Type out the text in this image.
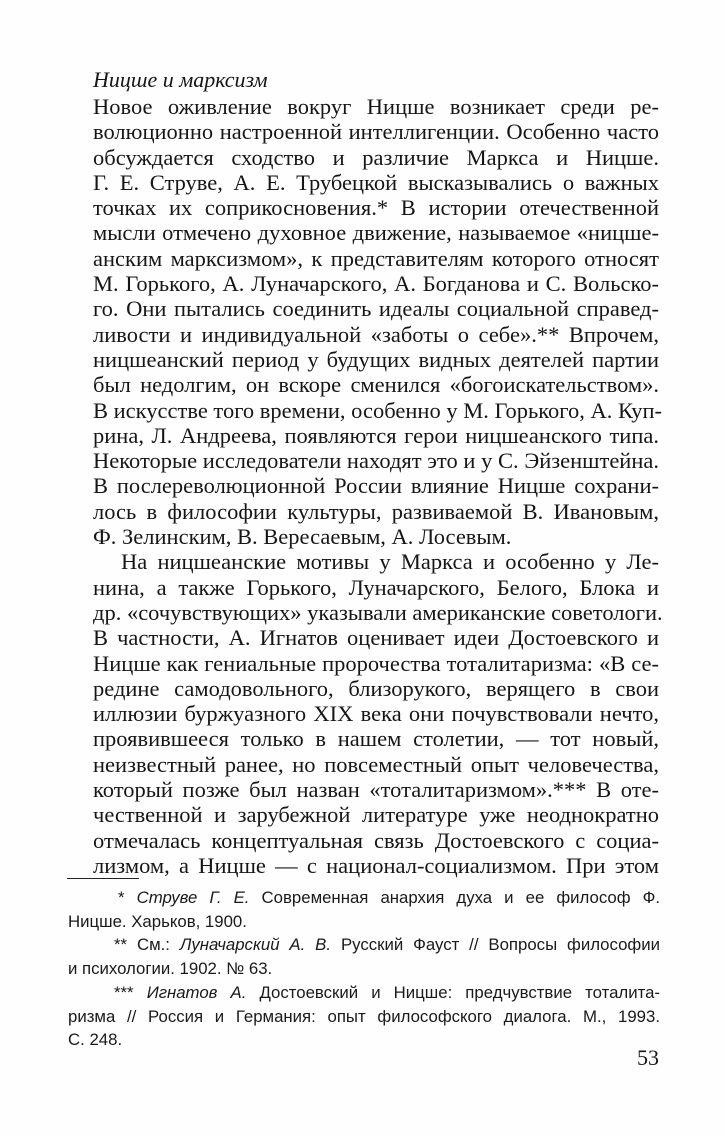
Ницше и марксизм

Новое оживление вокруг Ницше возникает среди ре-
волюционно настроенной интеллигенции. Особенно часто
обсуждается сходство и различие Маркса и Ницше.
Г. Е. Струве, А. Е. Трубецкой высказывались о важных
точках их соприкосновения.* В истории отечественной
мысли отмечено духовное движение, называемое «ницше-
анским марксизмом», к представителям которого относят
М. Горького, А. Луначарского, А. Богданова и С. Вольско-
го. Они пытались соединить идеалы социальной справед-
ливости и индивидуальной «заботы о себе».** Впрочем,
ницшеанский период у будущих видных деятелей партии
был недолгим, он вскоре сменился «богоискательством».
В искусстве того времени, особенно у М. Горького, А. Куп-
рина, Л. Андреева, появляются герои ницшеанского типа.
Некоторые исследователи находят это и у С. Эйзенштейна.
В послереволюционной России влияние Ницше сохрани-
лось в философии культуры, развиваемой В. Ивановым,
Ф. Зелинским, В. Вересаевым, А. Лосевым.

На ницшеанские мотивы у Маркса и особенно у Ле-
нина, а также Горького, Луначарского, Белого, Блока и
др. «сочувствующих» указывали американские советологи.
В частности, А. Игнатов оценивает идеи Достоевского и
Ницше как гениальные пророчества тоталитаризма: «В се-
редине самодовольного, близорукого, верящего в свои
иллюзии буржуазного XIX века они почувствовали нечто,
проявившееся только в нашем столетии, — тот новый,
неизвестный ранее, но повсеместный опыт человечества,
который позже был назван «тоталитаризмом».*** В оте-
чественной и зарубежной литературе уже неоднократно
отмечалась концептуальная связь Достоевского с социа-
лизмом, а Ницше — с национал-социализмом. При этом

* Струве Г. Е. Современная анархия духа и ее философ Ф.
Ницше. Харьков, 1900.
** См.: Луначарский А. В. Русский Фауст // Вопросы философии
и психологии. 1902. № 63.
*** Игнатов А. Достоевский и Ницше: предчувствие тоталита-
ризма // Россия и Германия: опыт философского диалога. М., 1993.
С. 248.
53
